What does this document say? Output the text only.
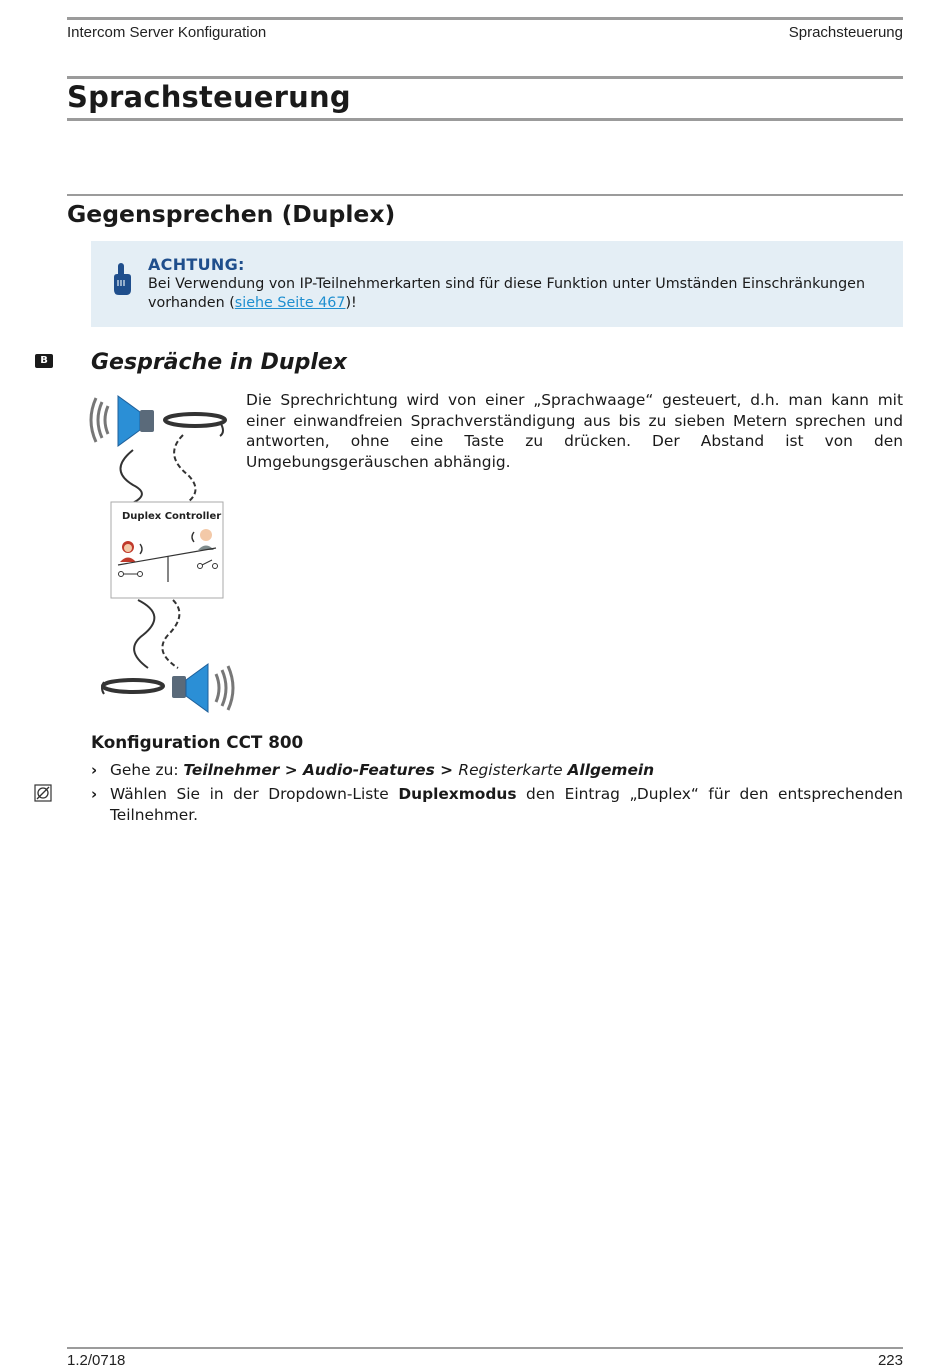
Intercom Server Konfiguration	Sprachsteuerung
Sprachsteuerung
Gegensprechen (Duplex)
ACHTUNG:
Bei Verwendung von IP-Teilnehmerkarten sind für diese Funktion unter Umständen Einschränkungen vorhanden (siehe Seite 467)!
B Gespräche in Duplex
Duplex Controller
Die Sprechrichtung wird von einer „Sprachwaage“ gesteuert, d.h. man kann mit einer einwandfreien Sprachverständigung aus bis zu sieben Metern sprechen und antworten, ohne eine Taste zu drücken. Der Abstand ist von den Umgebungsgeräuschen abhängig.
Konfiguration CCT 800
› Gehe zu: Teilnehmer > Audio-Features > Registerkarte Allgemein
› Wählen Sie in der Dropdown-Liste Duplexmodus den Eintrag „Duplex“ für den entsprechenden Teilnehmer.
1.2/0718	223
